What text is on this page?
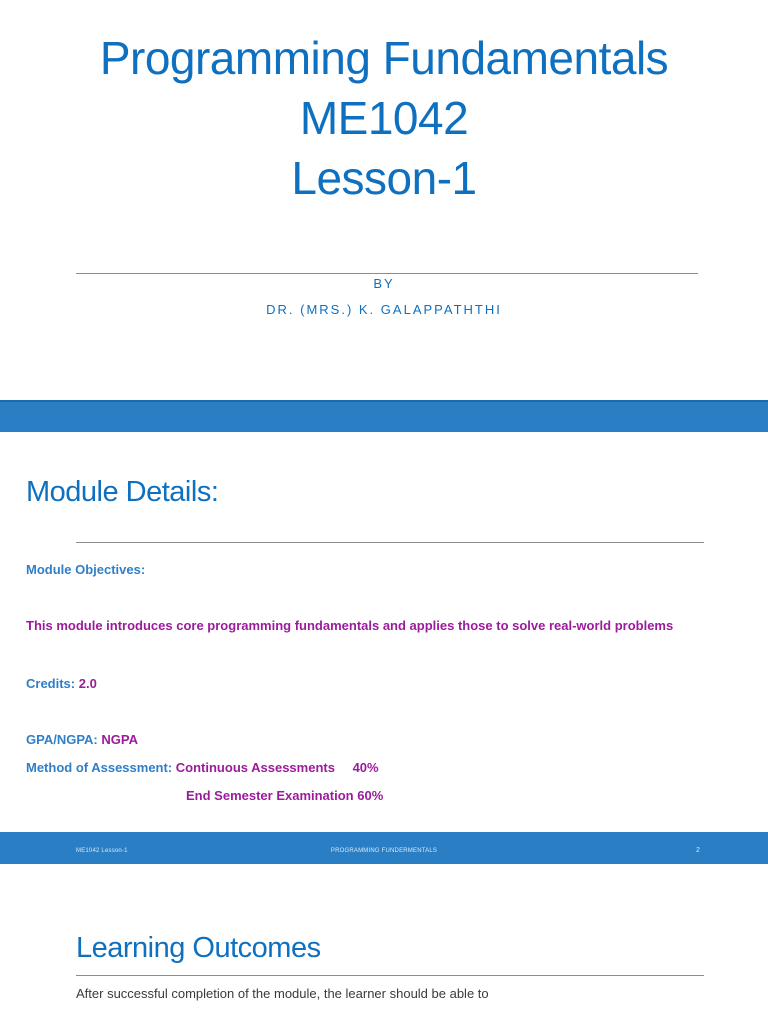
Programming Fundamentals
ME1042
Lesson-1
BY
DR. (MRS.) K. GALAPPATHTHI
Module Details:
Module Objectives:
This module introduces core programming fundamentals and applies those to solve real-world problems
Credits: 2.0
GPA/NGPA: NGPA
Method of Assessment: Continuous Assessments 40%
End Semester Examination 60%
ME1042 Lesson-1	PROGRAMMING FUNDERMENTALS	2
Learning Outcomes
After successful completion of the module, the learner should be able to
